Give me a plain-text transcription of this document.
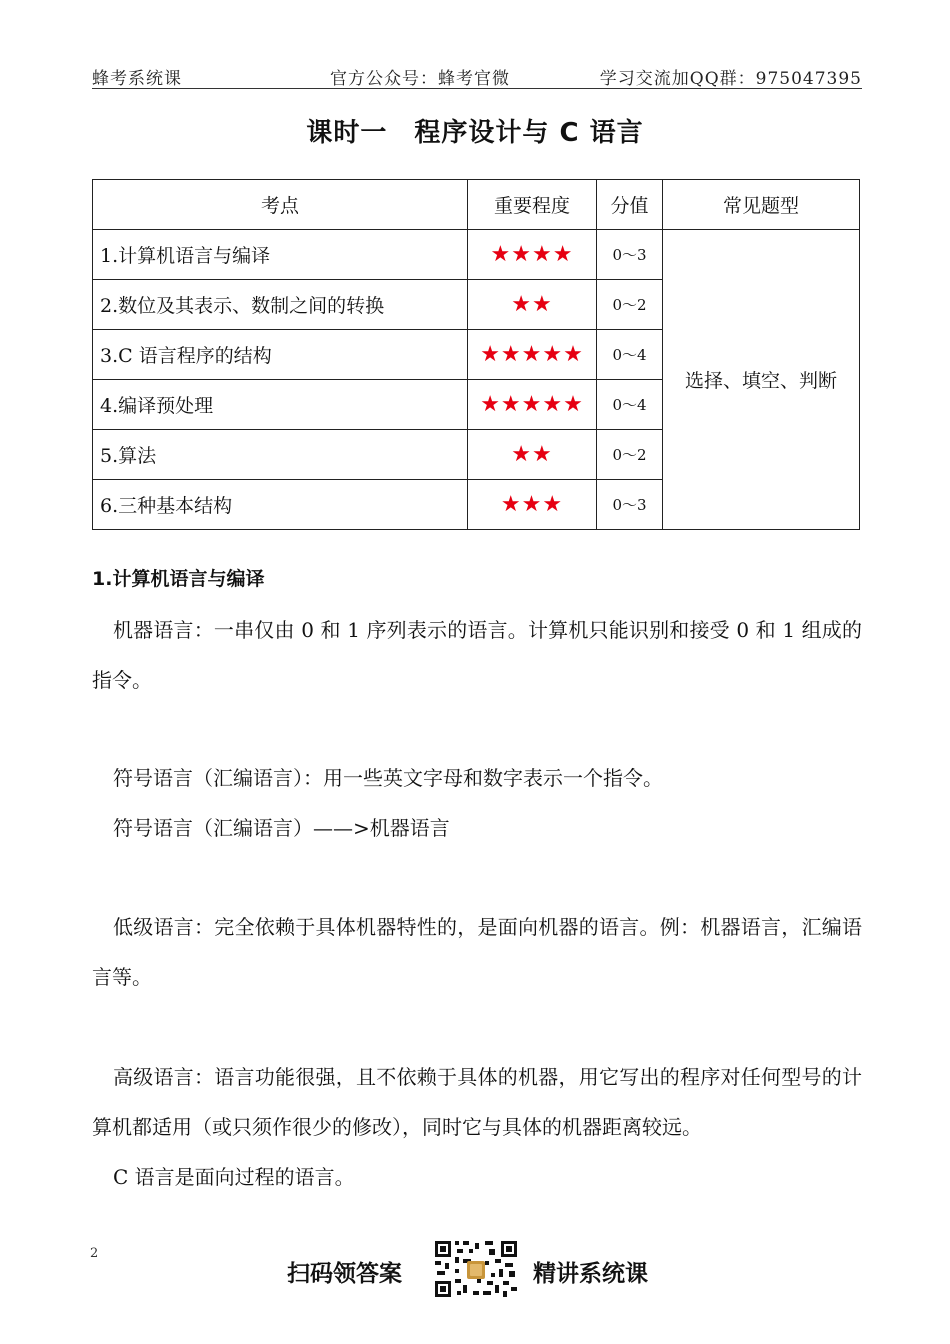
蜂考系统课	官方公众号：蜂考官微	学习交流加QQ群：975047395
课时一　程序设计与 C 语言
考点	重要程度	分值	常见题型
1.计算机语言与编译	★★★★	0～3	选择、填空、判断
2.数位及其表示、数制之间的转换	★★	0～2	
3.C 语言程序的结构	★★★★★	0～4	
4.编译预处理	★★★★★	0～4	
5.算法	★★	0～2	
6.三种基本结构	★★★	0～3	
1.计算机语言与编译

机器语言：一串仅由 0 和 1 序列表示的语言。计算机只能识别和接受 0 和 1 组成的指令。

符号语言（汇编语言）：用一些英文字母和数字表示一个指令。

符号语言（汇编语言）——>机器语言

低级语言：完全依赖于具体机器特性的，是面向机器的语言。例：机器语言，汇编语言等。

高级语言：语言功能很强，且不依赖于具体的机器，用它写出的程序对任何型号的计算机都适用（或只须作很少的修改），同时它与具体的机器距离较远。

C 语言是面向过程的语言。

2
扫码领答案	精讲系统课
